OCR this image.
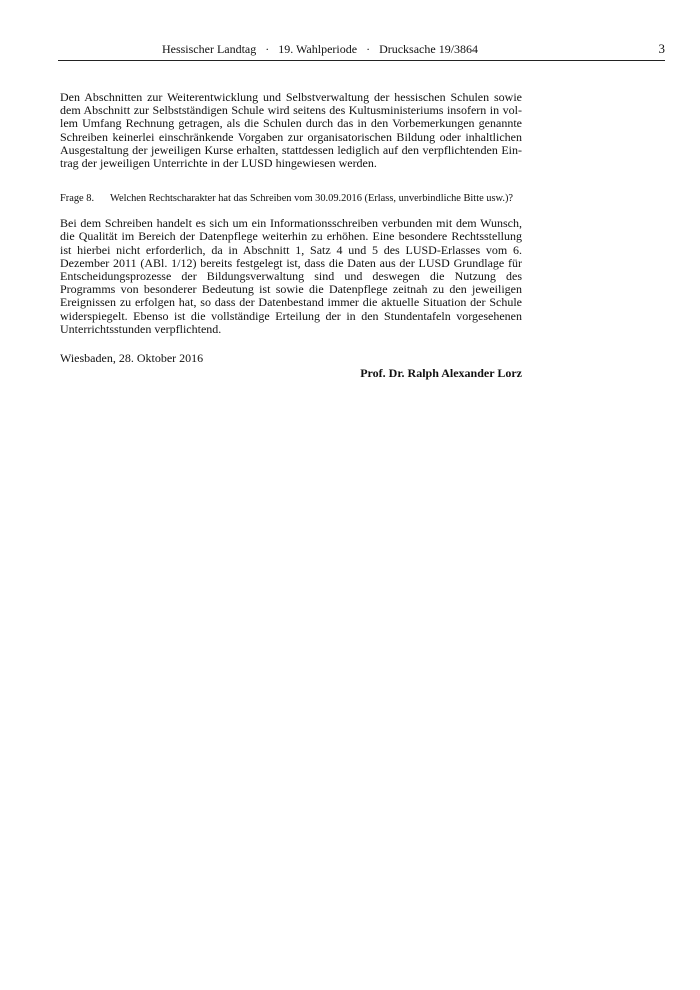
Hessischer Landtag · 19. Wahlperiode · Drucksache 19/3864	3

Den Abschnitten zur Weiterentwicklung und Selbstverwaltung der hessischen Schulen sowie dem Abschnitt zur Selbstständigen Schule wird seitens des Kultusministeriums insofern in vollem Umfang Rechnung getragen, als die Schulen durch das in den Vorbemerkungen genannte Schreiben keinerlei einschränkende Vorgaben zur organisatorischen Bildung oder inhaltlichen Ausgestaltung der jeweiligen Kurse erhalten, stattdessen lediglich auf den verpflichtenden Eintrag der jeweiligen Unterrichte in der LUSD hingewiesen werden.

Frage 8.	Welchen Rechtscharakter hat das Schreiben vom 30.09.2016 (Erlass, unverbindliche Bitte usw.)?

Bei dem Schreiben handelt es sich um ein Informationsschreiben verbunden mit dem Wunsch, die Qualität im Bereich der Datenpflege weiterhin zu erhöhen. Eine besondere Rechtsstellung ist hierbei nicht erforderlich, da in Abschnitt 1, Satz 4 und 5 des LUSD-Erlasses vom 6. Dezember 2011 (ABl. 1/12) bereits festgelegt ist, dass die Daten aus der LUSD Grundlage für Entscheidungsprozesse der Bildungsverwaltung sind und deswegen die Nutzung des Programms von besonderer Bedeutung ist sowie die Datenpflege zeitnah zu den jeweiligen Ereignissen zu erfolgen hat, so dass der Datenbestand immer die aktuelle Situation der Schule widerspiegelt. Ebenso ist die vollständige Erteilung der in den Stundentafeln vorgesehenen Unterrichtsstunden verpflichtend.

Wiesbaden, 28. Oktober 2016
Prof. Dr. Ralph Alexander Lorz
